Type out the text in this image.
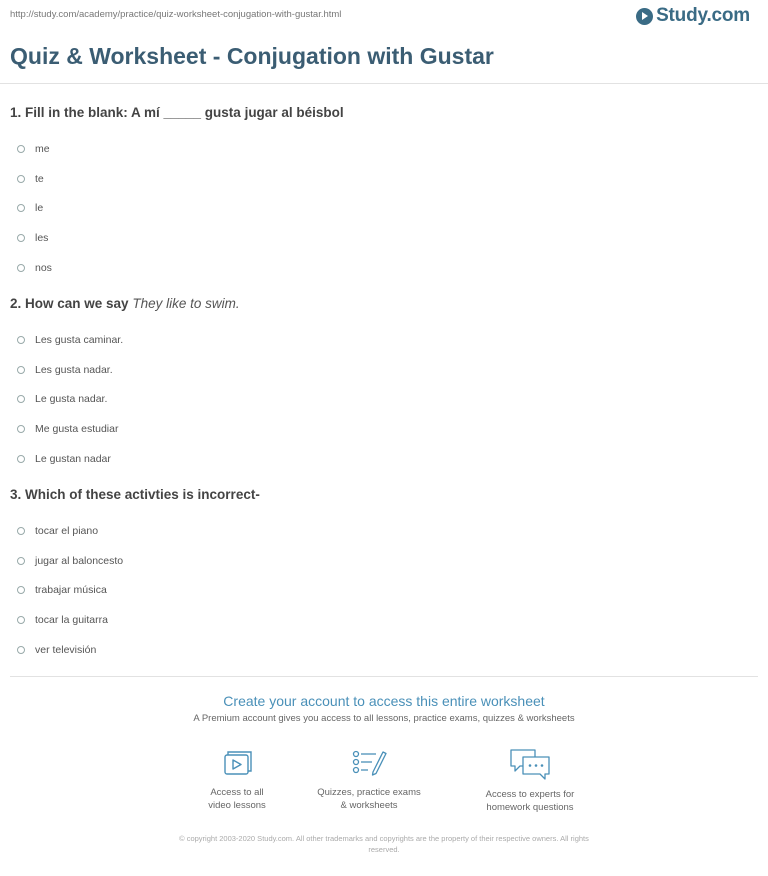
http://study.com/academy/practice/quiz-worksheet-conjugation-with-gustar.html	Study.com
Quiz & Worksheet - Conjugation with Gustar
1. Fill in the blank: A mí _____ gusta jugar al béisbol
me
te
le
les
nos
2. How can we say They like to swim.
Les gusta caminar.
Les gusta nadar.
Le gusta nadar.
Me gusta estudiar
Le gustan nadar
3. Which of these activties is incorrect-
tocar el piano
jugar al baloncesto
trabajar música
tocar la guitarra
ver televisión
Create your account to access this entire worksheet
A Premium account gives you access to all lessons, practice exams, quizzes & worksheets
Access to all
video lessons
Quizzes, practice exams
& worksheets
Access to experts for
homework questions
© copyright 2003-2020 Study.com. All other trademarks and copyrights are the property of their respective owners. All rights
reserved.
